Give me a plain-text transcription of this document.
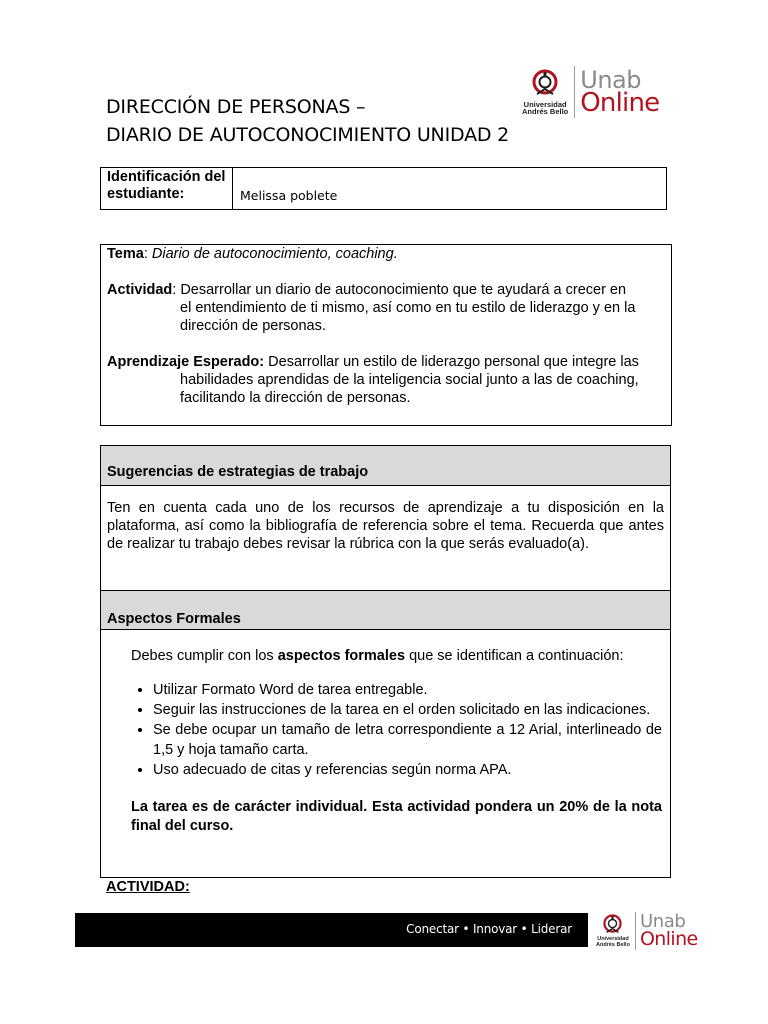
DIRECCIÓN DE PERSONAS –
DIARIO DE AUTOCONOCIMIENTO UNIDAD 2
Universidad
Andrés Bello
Unab
Online
Identificación del estudiante:	Melissa poblete

Tema: Diario de autoconocimiento, coaching.

Actividad: Desarrollar un diario de autoconocimiento que te ayudará a crecer en

el entendimiento de ti mismo, así como en tu estilo de liderazgo y en la dirección de personas.

Aprendizaje Esperado: Desarrollar un estilo de liderazgo personal que integre las

habilidades aprendidas de la inteligencia social junto a las de coaching, facilitando la dirección de personas.

Sugerencias de estrategias de trabajo
Ten en cuenta cada uno de los recursos de aprendizaje a tu disposición en la plataforma, así como la bibliografía de referencia sobre el tema. Recuerda que antes de realizar tu trabajo debes revisar la rúbrica con la que serás evaluado(a).
Aspectos Formales
Debes cumplir con los aspectos formales que se identifican a continuación:
• Utilizar Formato Word de tarea entregable.
• Seguir las instrucciones de la tarea en el orden solicitado en las indicaciones.
• Se debe ocupar un tamaño de letra correspondiente a 12 Arial, interlineado de 1,5 y hoja tamaño carta.
• Uso adecuado de citas y referencias según norma APA.
La tarea es de carácter individual. Esta actividad pondera un 20% de la nota final del curso.
ACTIVIDAD:
Conectar • Innovar • Liderar
Universidad
Andrés Bello
Unab
Online
